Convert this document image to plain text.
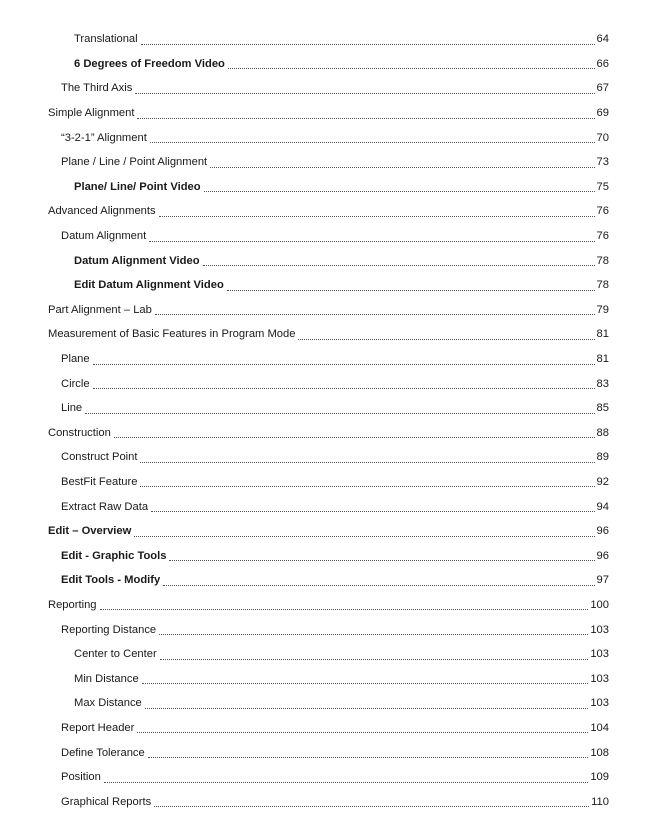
Translational	64
6 Degrees of Freedom Video	66
The Third Axis	67
Simple Alignment	69
“3-2-1” Alignment	70
Plane / Line / Point Alignment	73
Plane/ Line/ Point Video	75
Advanced Alignments	76
Datum Alignment	76
Datum Alignment Video	78
Edit Datum Alignment Video	78
Part Alignment – Lab	79
Measurement of Basic Features in Program Mode	81
Plane	81
Circle	83
Line	85
Construction	88
Construct Point	89
BestFit Feature	92
Extract Raw Data	94
Edit – Overview	96
Edit - Graphic Tools	96
Edit Tools - Modify	97
Reporting	100
Reporting Distance	103
Center to Center	103
Min Distance	103
Max Distance	103
Report Header	104
Define Tolerance	108
Position	109
Graphical Reports	110
